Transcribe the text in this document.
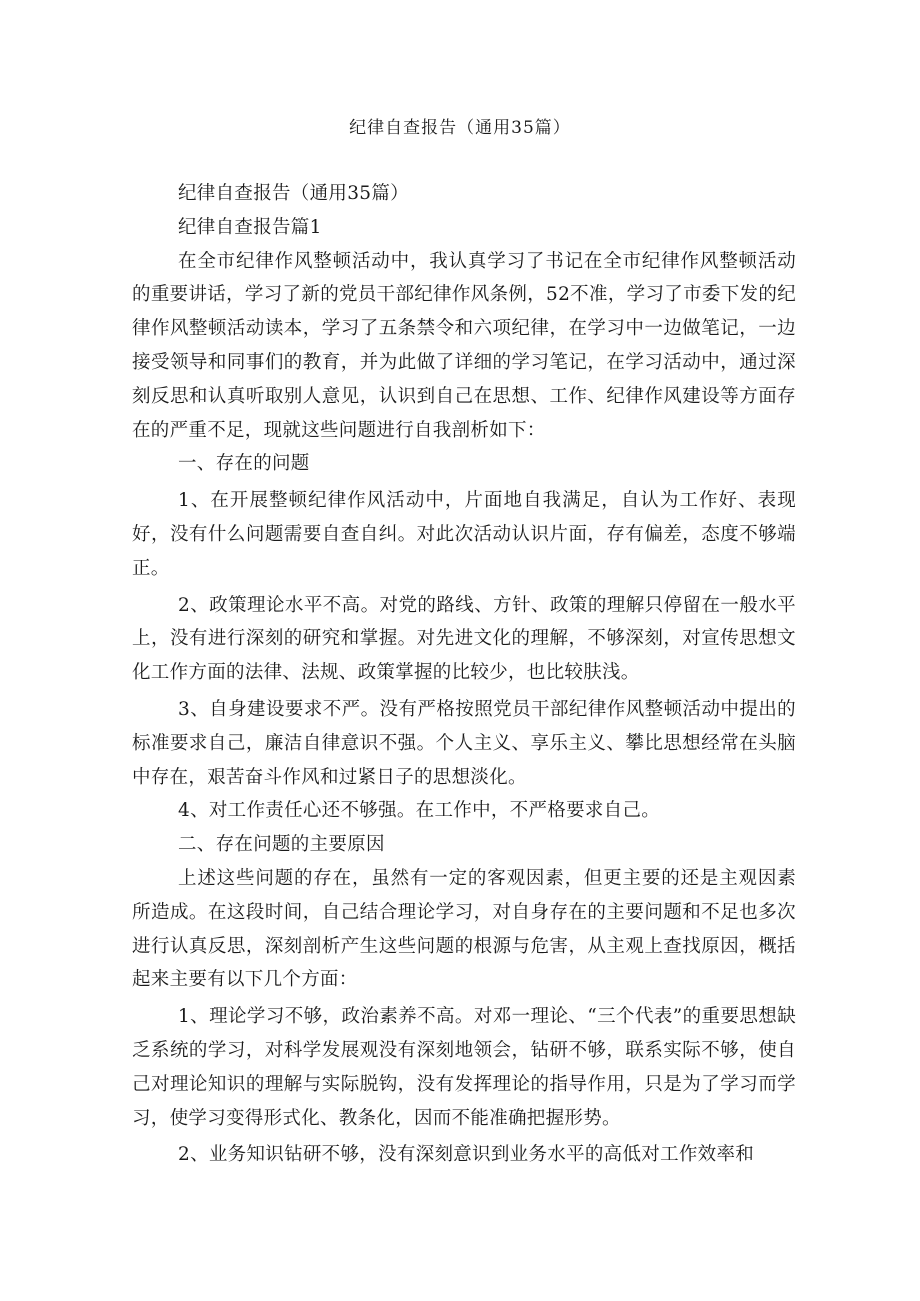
纪律自查报告（通用35篇）

纪律自查报告（通用35篇）

纪律自查报告篇1

在全市纪律作风整顿活动中，我认真学习了书记在全市纪律作风整顿活动的重要讲话，学习了新的党员干部纪律作风条例，52不准，学习了市委下发的纪律作风整顿活动读本，学习了五条禁令和六项纪律，在学习中一边做笔记，一边接受领导和同事们的教育，并为此做了详细的学习笔记，在学习活动中，通过深刻反思和认真听取别人意见，认识到自己在思想、工作、纪律作风建设等方面存在的严重不足，现就这些问题进行自我剖析如下：

一、存在的问题

1、在开展整顿纪律作风活动中，片面地自我满足，自认为工作好、表现好，没有什么问题需要自查自纠。对此次活动认识片面，存有偏差，态度不够端正。

2、政策理论水平不高。对党的路线、方针、政策的理解只停留在一般水平上，没有进行深刻的研究和掌握。对先进文化的理解，不够深刻，对宣传思想文化工作方面的法律、法规、政策掌握的比较少，也比较肤浅。

3、自身建设要求不严。没有严格按照党员干部纪律作风整顿活动中提出的标准要求自己，廉洁自律意识不强。个人主义、享乐主义、攀比思想经常在头脑中存在，艰苦奋斗作风和过紧日子的思想淡化。

4、对工作责任心还不够强。在工作中，不严格要求自己。

二、存在问题的主要原因

上述这些问题的存在，虽然有一定的客观因素，但更主要的还是主观因素所造成。在这段时间，自己结合理论学习，对自身存在的主要问题和不足也多次进行认真反思，深刻剖析产生这些问题的根源与危害，从主观上查找原因，概括起来主要有以下几个方面：

1、理论学习不够，政治素养不高。对邓一理论、“三个代表”的重要思想缺乏系统的学习，对科学发展观没有深刻地领会，钻研不够，联系实际不够，使自己对理论知识的理解与实际脱钩，没有发挥理论的指导作用，只是为了学习而学习，使学习变得形式化、教条化，因而不能准确把握形势。

2、业务知识钻研不够，没有深刻意识到业务水平的高低对工作效率和
